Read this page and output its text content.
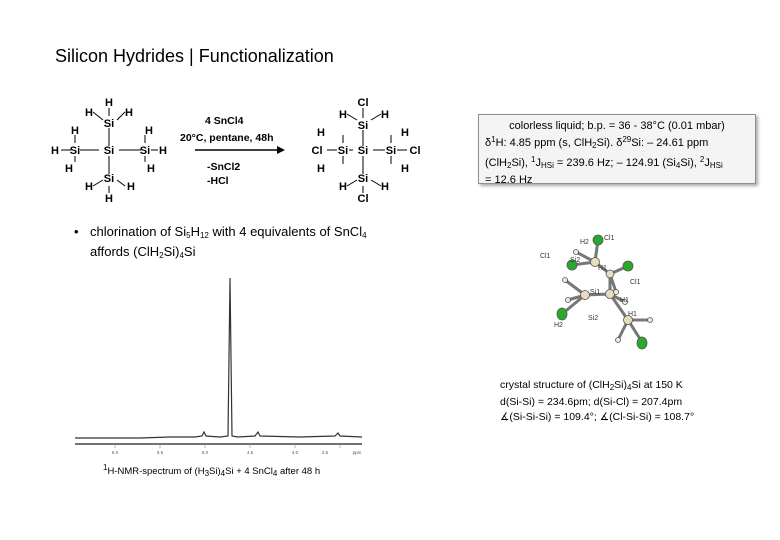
Silicon Hydrides | Functionalization
H
H	H
Si
H	H
H Si Si Si H
H	H
Si
H	H
H
Cl
H	H
Si
H	H
Cl Si Si Si Cl
H	H
Si
H	H
Cl
4 SnCl4
20°C, pentane, 48h
-SnCl2
-HCl
colorless liquid; b.p. = 36 - 38°C (0.01 mbar)
$\delta^1H$: 4.85 ppm (s, ClH$_2$Si). $\delta^{29}Si$: – 24.61 ppm
(ClH$_2$Si), $^1J_{HSi} = 239.6$ Hz; – 124.91 $(Si_4Si)$, $^2J_{HSi}$
= 12.6 Hz
• chlorination of $Si_5H_{12}$ with 4 equivalents of SnCl$_4$
affords $(ClH_2Si)_4Si$
6.0	5.5	5.0	4.5	4.0	3.5	ppm
$^1$H-NMR-spectrum of $(H_3Si)_4Si + 4$ SnCl$_4$ after 48 h
H2
Cl1
H1
Si2
Cl1
Si1
H1
Si2
H2
H1
Cl1
crystal structure of $(ClH_2Si)_4Si$ at 150 K
d(Si-Si) = 234.6pm; d(Si-Cl) = 207.4pm
∡(Si-Si-Si) = 109.4°; ∡(Cl-Si-Si) = 108.7°
